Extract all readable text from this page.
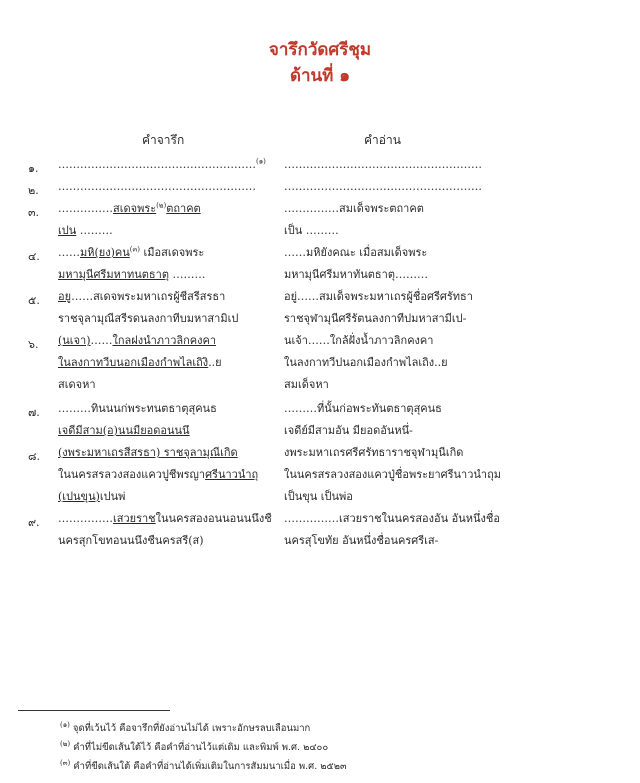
จารึกวัดศรีชุม
ด้านที่ ๑
คำจารึก	คำอ่าน
๑. ………………………………………………$^{(๑)}$ ………………………………………………
๒. ………………………………………………	………………………………………………
๓. ……………สเดจพระ$^{(๒)}$ตถาคต
เปน ………
……………สมเด็จพระตถาคต
เป็น ………
๔. ……มหิ(ยง)คน$^{(๓)}$ เมือสเดจพระ
มหามุนีศรีมหาทนตธาตุ ………
……มหิยังคณะ เมื่อสมเด็จพระ
มหามุนีศรีมหาทันตธาตุ………
๕. อยู……สเดจพระมหาเถรผู้ชีสรีสรธา
ราชจุลามุณีสรีรดนลงกาทีบมหาสามิเป
อยู่……สมเด็จพระมหาเถรผู้ชื่อศรีศรัทธา
ราชจุฬามุนีศรีรัตนลงกาทีปมหาสามีเป-
๖. (นเจา)……ใกลฝงนําภาวลิกคงคา
ในลงกาทวีบนอกเมืองกําพไลเถิงิ..ย
สเดจหา
นเจ้า……ใกล้ฝั่งน้ำภาวลิกคงคา
ในลงกาทวีปนอกเมืองกำพไลเถิง..ย
สมเด็จหา
๗. ………ทินนนก่พระทนตธาตุสุคนธ
เจดีมีสาม(อ)นนมียอดอนนนึ
………ที่นั้นก่อพระทันตธาตุสุคนธ
เจดีย์มีสามอัน มียอดอันหนึ่-
๘. (งพระมหาเถรสีสรธา) ราชจุลามุณีเกิด
ในนครสรลวงสองแควปูชีพรญาศรีนาวนำถุ
(เปนขุน)เปนพ่
งพระมหาเถรศรีศรัทธาราชจุฬามุนีเกิด
ในนครสรลวงสองแควปู่ชื่อพระยาศรีนาวนำถุม
เป็นขุน เป็นพ่อ
๙. ……………เสวยราชในนครสองอนนอนนนึงชื
นครสุกโขทอนนนึงชืนครสรี(ส)
……………เสวยราชในนครสองอัน อันหนึ่งชื่อ
นครสุโขทัย อันหนึ่งชื่อนครศรีเส-
$^{(๑)}$ จุดที่เว้นไว้ คือจารึกที่ยังอ่านไม่ได้ เพราะอักษรลบเลือนมาก
$^{(๒)}$ คำที่ไม่ขีดเส้นใต้ไว้ คือคำที่อ่านไว้แต่เดิม และพิมพ์ พ.ศ. ๒๔๐๐
$^{(๓)}$ คำที่ขีดเส้นใต้ คือคำที่อ่านได้เพิ่มเติมในการสัมมนาเมื่อ พ.ศ. ๒๕๒๓
